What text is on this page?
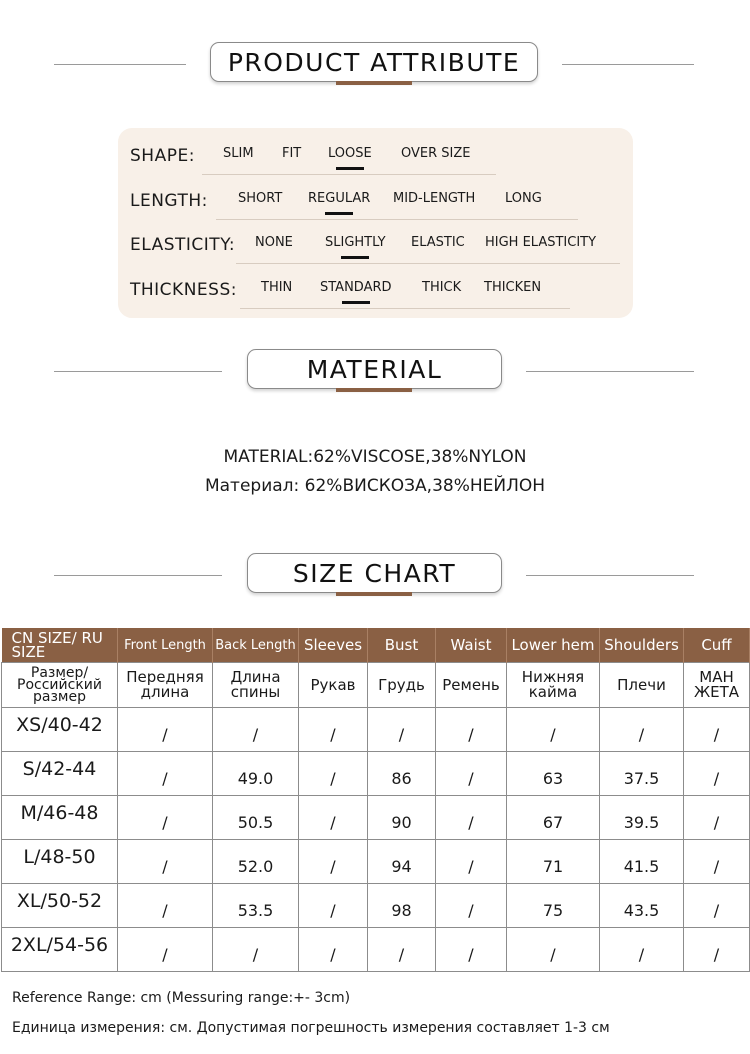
PRODUCT ATTRIBUTE
SHAPE: SLIM FIT LOOSE OVER SIZE
LENGTH: SHORT REGULAR MID-LENGTH LONG
ELASTICITY: NONE SLIGHTLY ELASTIC HIGH ELASTICITY
THICKNESS: THIN STANDARD THICK THICKEN
MATERIAL
MATERIAL:62%VISCOSE,38%NYLON
Материал: 62%ВИСКОЗА,38%НЕЙЛОН
SIZE CHART
CN SIZE/ RU SIZE	Front Length	Back Length	Sleeves	Bust	Waist	Lower hem	Shoulders	Cuff
Размер/ Российский размер	Передняя длина	Длина спины	Рукав	Грудь	Ремень	Нижняя кайма	Плечи	МАН ЖЕТА
XS/40-42	/	/	/	/	/	/	/	/
S/42-44	/	49.0	/	86	/	63	37.5	/
M/46-48	/	50.5	/	90	/	67	39.5	/
L/48-50	/	52.0	/	94	/	71	41.5	/
XL/50-52	/	53.5	/	98	/	75	43.5	/
2XL/54-56	/	/	/	/	/	/	/	/
Reference Range: cm (Messuring range:+- 3cm)
Единица измерения: см. Допустимая погрешность измерения составляет 1-3 см
